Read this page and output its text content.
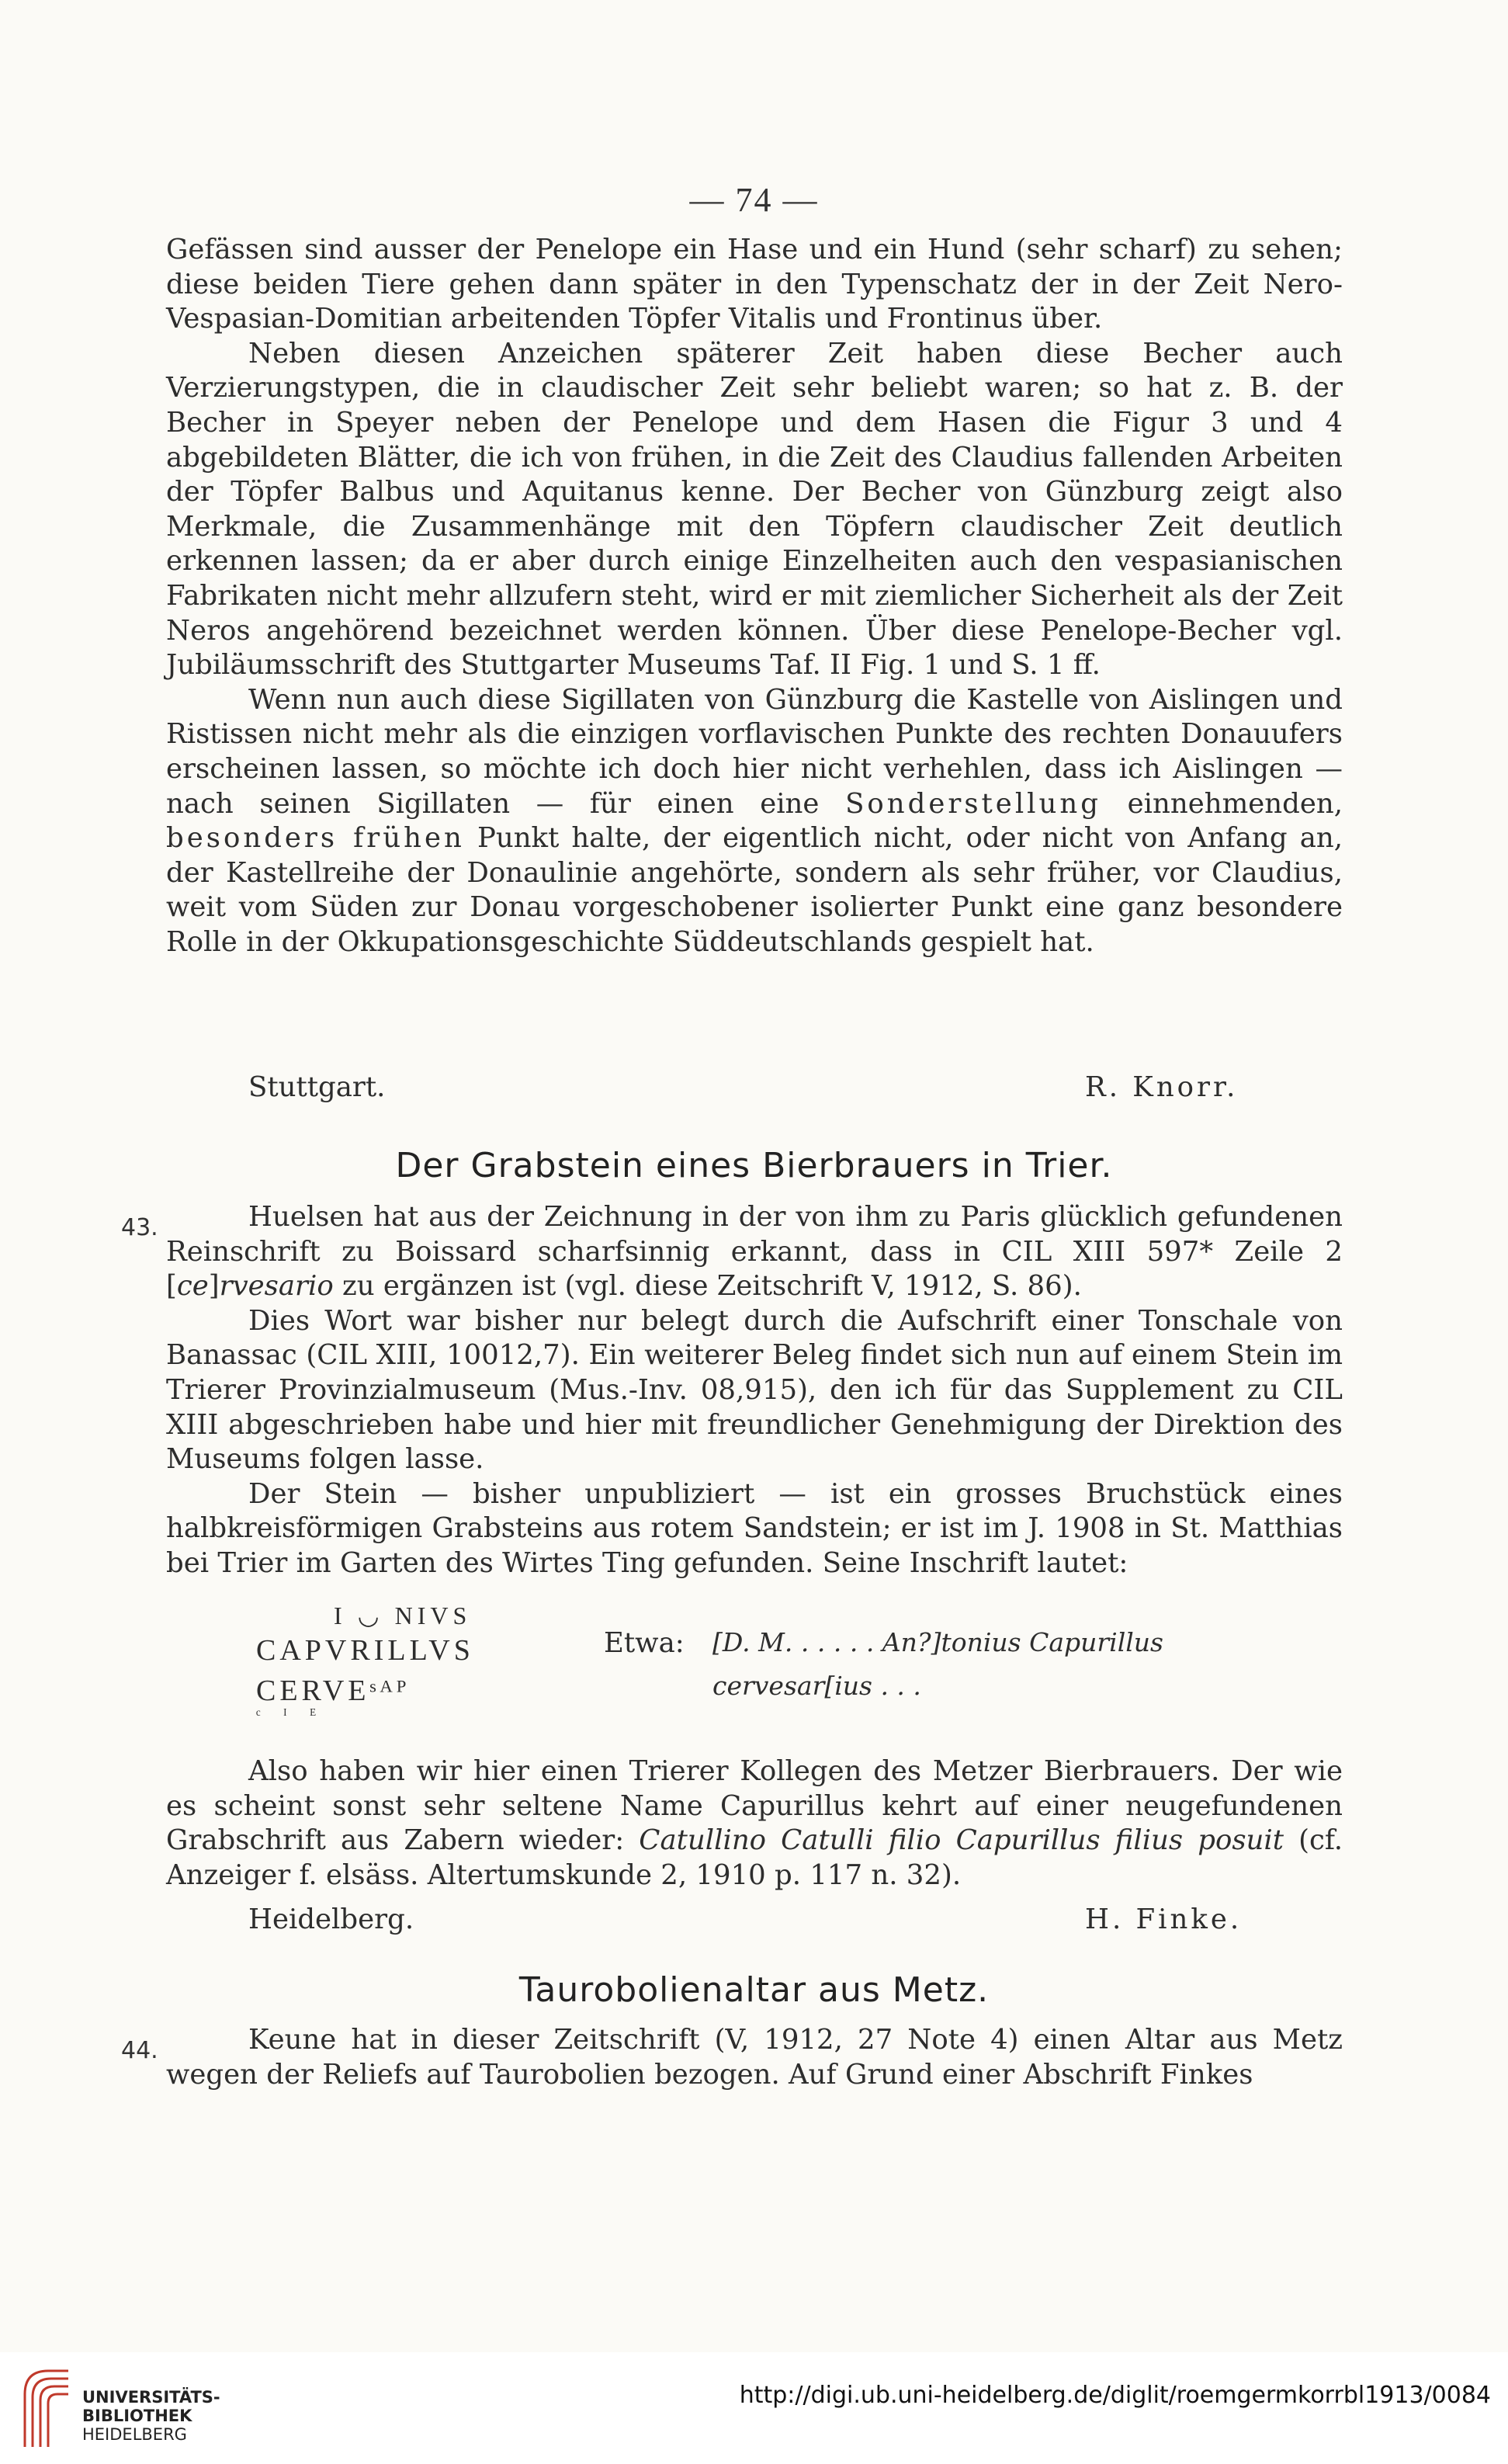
— 74 —

Gefässen sind ausser der Penelope ein Hase und ein Hund (sehr scharf) zu sehen; diese beiden Tiere gehen dann später in den Typenschatz der in der Zeit Nero-Vespasian-Domitian arbeitenden Töpfer Vitalis und Frontinus über.

Neben diesen Anzeichen späterer Zeit haben diese Becher auch Verzierungstypen, die in claudischer Zeit sehr beliebt waren; so hat z. B. der Becher in Speyer neben der Penelope und dem Hasen die Figur 3 und 4 abgebildeten Blätter, die ich von frühen, in die Zeit des Claudius fallenden Arbeiten der Töpfer Balbus und Aquitanus kenne. Der Becher von Günzburg zeigt also Merkmale, die Zusammenhänge mit den Töpfern claudischer Zeit deutlich erkennen lassen; da er aber durch einige Einzelheiten auch den vespasianischen Fabrikaten nicht mehr allzufern steht, wird er mit ziemlicher Sicherheit als der Zeit Neros angehörend bezeichnet werden können. Über diese Penelope-Becher vgl. Jubiläumsschrift des Stuttgarter Museums Taf. II Fig. 1 und S. 1 ff.

Wenn nun auch diese Sigillaten von Günzburg die Kastelle von Aislingen und Ristissen nicht mehr als die einzigen vorflavischen Punkte des rechten Donauufers erscheinen lassen, so möchte ich doch hier nicht verhehlen, dass ich Aislingen — nach seinen Sigillaten — für einen eine Sonderstellung einnehmenden, besonders frühen Punkt halte, der eigentlich nicht, oder nicht von Anfang an, der Kastellreihe der Donaulinie angehörte, sondern als sehr früher, vor Claudius, weit vom Süden zur Donau vorgeschobener isolierter Punkt eine ganz besondere Rolle in der Okkupationsgeschichte Süddeutschlands gespielt hat.

Stuttgart.	R. Knorr.
Der Grabstein eines Bierbrauers in Trier.
43.	Huelsen hat aus der Zeichnung in der von ihm zu Paris glücklich gefundenen Reinschrift zu Boissard scharfsinnig erkannt, dass in CIL XIII 597* Zeile 2 [ce]rvesario zu ergänzen ist (vgl. diese Zeitschrift V, 1912, S. 86).

Dies Wort war bisher nur belegt durch die Aufschrift einer Tonschale von Banassac (CIL XIII, 10012,7). Ein weiterer Beleg findet sich nun auf einem Stein im Trierer Provinzialmuseum (Mus.-Inv. 08,915), den ich für das Supplement zu CIL XIII abgeschrieben habe und hier mit freundlicher Genehmigung der Direktion des Museums folgen lasse.

Der Stein — bisher unpubliziert — ist ein grosses Bruchstück eines halbkreisförmigen Grabsteins aus rotem Sandstein; er ist im J. 1908 in St. Matthias bei Trier im Garten des Wirtes Ting gefunden. Seine Inschrift lautet:

I ◡ NIVS
CAPVRILLVS
CERVEˢᴬᴾ
ᶜ ᴵ ᴱ
Etwa: [D. M. . . . . . An?]tonius Capurillus
cervesar[ius . . .

Also haben wir hier einen Trierer Kollegen des Metzer Bierbrauers. Der wie es scheint sonst sehr seltene Name Capurillus kehrt auf einer neugefundenen Grabschrift aus Zabern wieder: Catullino Catulli filio Capurillus filius posuit (cf. Anzeiger f. elsäss. Altertumskunde 2, 1910 p. 117 n. 32).

Heidelberg.	H. Finke.
Taurobolienaltar aus Metz.
44.	Keune hat in dieser Zeitschrift (V, 1912, 27 Note 4) einen Altar aus Metz wegen der Reliefs auf Taurobolien bezogen. Auf Grund einer Abschrift Finkes

UNIVERSITÄTS-
BIBLIOTHEK
HEIDELBERG
http://digi.ub.uni-heidelberg.de/diglit/roemgermkorrbl1913/0084
